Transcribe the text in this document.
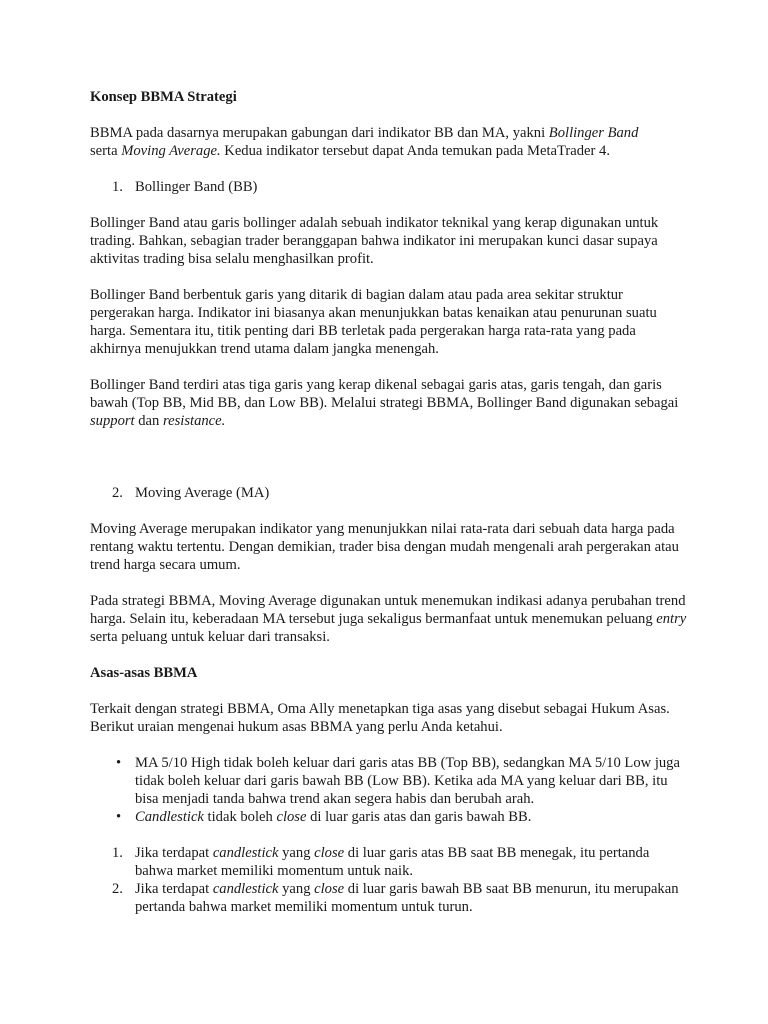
Konsep BBMA Strategi

BBMA pada dasarnya merupakan gabungan dari indikator BB dan MA, yakni Bollinger Band
serta Moving Average. Kedua indikator tersebut dapat Anda temukan pada MetaTrader 4.

1. Bollinger Band (BB)

Bollinger Band atau garis bollinger adalah sebuah indikator teknikal yang kerap digunakan untuk trading. Bahkan, sebagian trader beranggapan bahwa indikator ini merupakan kunci dasar supaya aktivitas trading bisa selalu menghasilkan profit.

Bollinger Band berbentuk garis yang ditarik di bagian dalam atau pada area sekitar struktur pergerakan harga. Indikator ini biasanya akan menunjukkan batas kenaikan atau penurunan suatu harga. Sementara itu, titik penting dari BB terletak pada pergerakan harga rata-rata yang pada akhirnya menujukkan trend utama dalam jangka menengah.

Bollinger Band terdiri atas tiga garis yang kerap dikenal sebagai garis atas, garis tengah, dan garis bawah (Top BB, Mid BB, dan Low BB). Melalui strategi BBMA, Bollinger Band digunakan sebagai support dan resistance.

2. Moving Average (MA)

Moving Average merupakan indikator yang menunjukkan nilai rata-rata dari sebuah data harga pada rentang waktu tertentu. Dengan demikian, trader bisa dengan mudah mengenali arah pergerakan atau trend harga secara umum.

Pada strategi BBMA, Moving Average digunakan untuk menemukan indikasi adanya perubahan trend harga. Selain itu, keberadaan MA tersebut juga sekaligus bermanfaat untuk menemukan peluang entry serta peluang untuk keluar dari transaksi.

Asas-asas BBMA

Terkait dengan strategi BBMA, Oma Ally menetapkan tiga asas yang disebut sebagai Hukum Asas. Berikut uraian mengenai hukum asas BBMA yang perlu Anda ketahui.

• MA 5/10 High tidak boleh keluar dari garis atas BB (Top BB), sedangkan MA 5/10 Low juga tidak boleh keluar dari garis bawah BB (Low BB). Ketika ada MA yang keluar dari BB, itu bisa menjadi tanda bahwa trend akan segera habis dan berubah arah.
• Candlestick tidak boleh close di luar garis atas dan garis bawah BB.
1. Jika terdapat candlestick yang close di luar garis atas BB saat BB menegak, itu pertanda bahwa market memiliki momentum untuk naik.
2. Jika terdapat candlestick yang close di luar garis bawah BB saat BB menurun, itu merupakan pertanda bahwa market memiliki momentum untuk turun.
